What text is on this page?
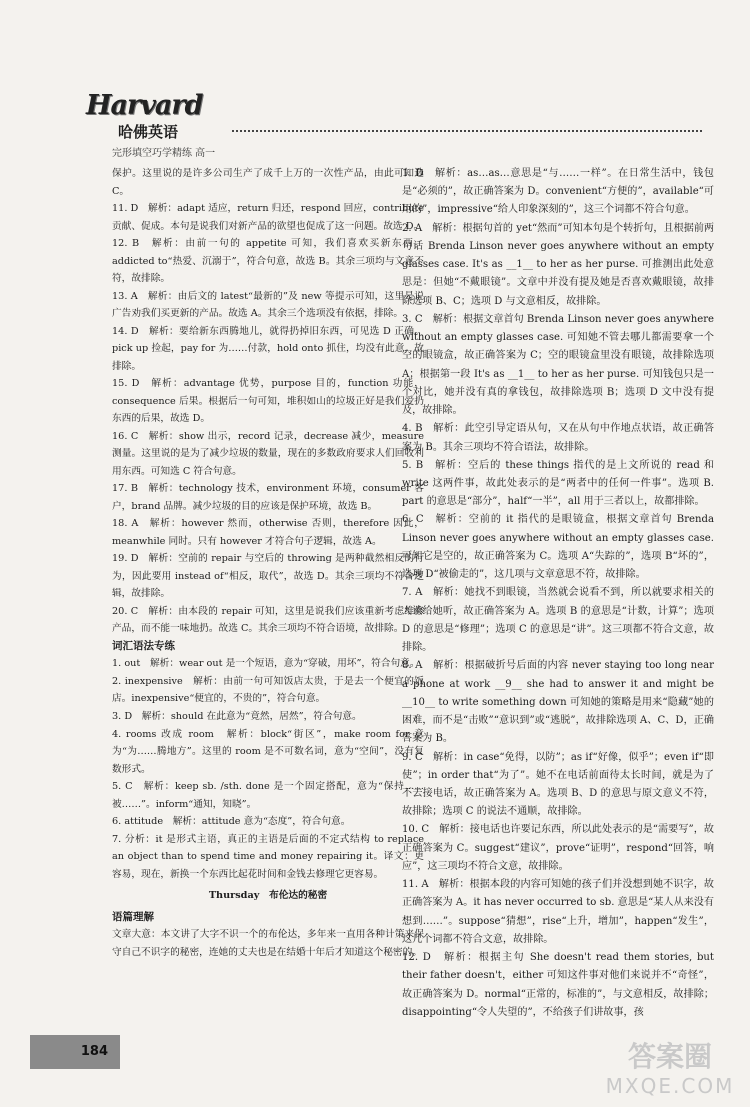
Harvard
哈佛英语
完形填空巧学精练 高一

保护。这里说的是许多公司生产了成千上万的一次性产品，由此可知选 C。

11. D　解析：adapt 适应，return 归还，respond 回应，contribute 贡献、促成。本句是说我们对新产品的欲望也促成了这一问题。故选 D。

12. B　解析：由前一句的 appetite 可知，我们喜欢买新东西。addicted to“热爱、沉溺于”，符合句意，故选 B。其余三项均与文意不符，故排除。

13. A　解析：由后文的 latest“最新的”及 new 等提示可知，这里是说广告劝我们买更新的产品。故选 A。其余三个选项没有依据，排除。

14. D　解析：要给新东西腾地儿，就得扔掉旧东西，可见选 D 正确。pick up 捡起，pay for 为……付款，hold onto 抓住，均没有此意，故排除。

15. D　解析：advantage 优势，purpose 目的，function 功能，consequence 后果。根据后一句可知，堆积如山的垃圾正好是我们爱扔东西的后果，故选 D。

16. C　解析：show 出示，record 记录，decrease 减少，measure 测量。这里说的是为了减少垃圾的数量，现在的多数政府要求人们回收利用东西。可知选 C 符合句意。

17. B　解析：technology 技术，environment 环境，consumer 客户，brand 品牌。减少垃圾的目的应该是保护环境，故选 B。

18. A　解析：however 然而，otherwise 否则，therefore 因此，meanwhile 同时。只有 however 才符合句子逻辑，故选 A。

19. D　解析：空前的 repair 与空后的 throwing 是两种截然相反的行为，因此要用 instead of“相反，取代”，故选 D。其余三项均不符合逻辑，故排除。

20. C　解析：由本段的 repair 可知，这里是说我们应该重新考虑维修产品，而不能一味地扔。故选 C。其余三项均不符合语境，故排除。

词汇语法专练

1. out　解析：wear out 是一个短语，意为“穿破，用坏”，符合句意。

2. inexpensive　解析：由前一句可知饭店太贵，于是去一个便宜的饭店。inexpensive“便宜的，不贵的”，符合句意。

3. D　解析：should 在此意为“竟然，居然”，符合句意。

4. rooms 改成 room　解析：block“街区”，make room for 意为“为……腾地方”。这里的 room 是不可数名词，意为“空间”，没有复数形式。

5. C　解析：keep sb. /sth. done 是一个固定搭配，意为“保持……被……”。inform“通知，知晓”。

6. attitude　解析：attitude 意为“态度”，符合句意。

7. 分析：it 是形式主语，真正的主语是后面的不定式结构 to replace an object than to spend time and money repairing it。译文：更容易，现在，新换一个东西比起花时间和金钱去修理它更容易。

Thursday　布伦达的秘密

语篇理解

文章大意：本文讲了大字不识一个的布伦达，多年来一直用各种计策来保守自己不识字的秘密，连她的丈夫也是在结婚十年后才知道这个秘密的。

1. D　解析：as…as…意思是“与……一样”。在日常生活中，钱包是“必须的”，故正确答案为 D。convenient“方便的”，available“可用的”，impressive“给人印象深刻的”，这三个词都不符合句意。

2. A　解析：根据句首的 yet“然而”可知本句是个转折句，且根据前两句话 Brenda Linson never goes anywhere without an empty glasses case. It's as __1__ to her as her purse. 可推测出此处意思是：但她“不戴眼镜”。文章中并没有提及她是否喜欢戴眼镜，故排除选项 B、C；选项 D 与文意相反，故排除。

3. C　解析：根据文章首句 Brenda Linson never goes anywhere without an empty glasses case. 可知她不管去哪儿都需要拿一个空的眼镜盒，故正确答案为 C；空的眼镜盒里没有眼镜，故排除选项 A；根据第一段 It's as __1__ to her as her purse. 可知钱包只是一个对比，她并没有真的拿钱包，故排除选项 B；选项 D 文中没有提及，故排除。

4. B　解析：此空引导定语从句，又在从句中作地点状语，故正确答案为 B。其余三项均不符合语法，故排除。

5. B　解析：空后的 these things 指代的是上文所说的 read 和 write 这两件事，故此处表示的是“两者中的任何一件事”。选项 B. part 的意思是“部分”，half“一半”，all 用于三者以上，故都排除。

6. C　解析：空前的 it 指代的是眼镜盒，根据文章首句 Brenda Linson never goes anywhere without an empty glasses case. 可知它是空的，故正确答案为 C。选项 A“失踪的”，选项 B“坏的”，选项 D“被偷走的”，这几项与文章意思不符，故排除。

7. A　解析：她找不到眼镜，当然就会说看不到，所以就要求相关的人读给她听，故正确答案为 A。选项 B 的意思是“计数，计算”；选项 D 的意思是“修理”；选项 C 的意思是“讲”。这三项都不符合文意，故排除。

8. A　解析：根据破折号后面的内容 never staying too long near a phone at work __9__ she had to answer it and might be __10__ to write something down 可知她的策略是用来“隐藏”她的困难，而不是“击败”“意识到”或“逃脱”，故排除选项 A、C、D，正确答案为 B。

9. C　解析：in case“免得，以防”；as if“好像，似乎”；even if“即使”；in order that“为了”。她不在电话前面待太长时间，就是为了不去接电话，故正确答案为 A。选项 B、D 的意思与原文意义不符，故排除；选项 C 的说法不通顺，故排除。

10. C　解析：接电话也许要记东西，所以此处表示的是“需要写”，故正确答案为 C。suggest“建议”，prove“证明”，respond“回答，响应”，这三项均不符合文意，故排除。

11. A　解析：根据本段的内容可知她的孩子们并没想到她不识字，故正确答案为 A。it has never occurred to sb. 意思是“某人从来没有想到……”。suppose“猜想”，rise“上升，增加”，happen“发生”，这几个词都不符合文意，故排除。

12. D　解析：根据主句 She doesn't read them stories, but their father doesn't，either 可知这件事对他们来说并不“奇怪”，故正确答案为 D。normal“正常的，标准的”，与文意相反，故排除；disappointing“令人失望的”，不给孩子们讲故事，孩

184	答案圈
MXQE.COM
